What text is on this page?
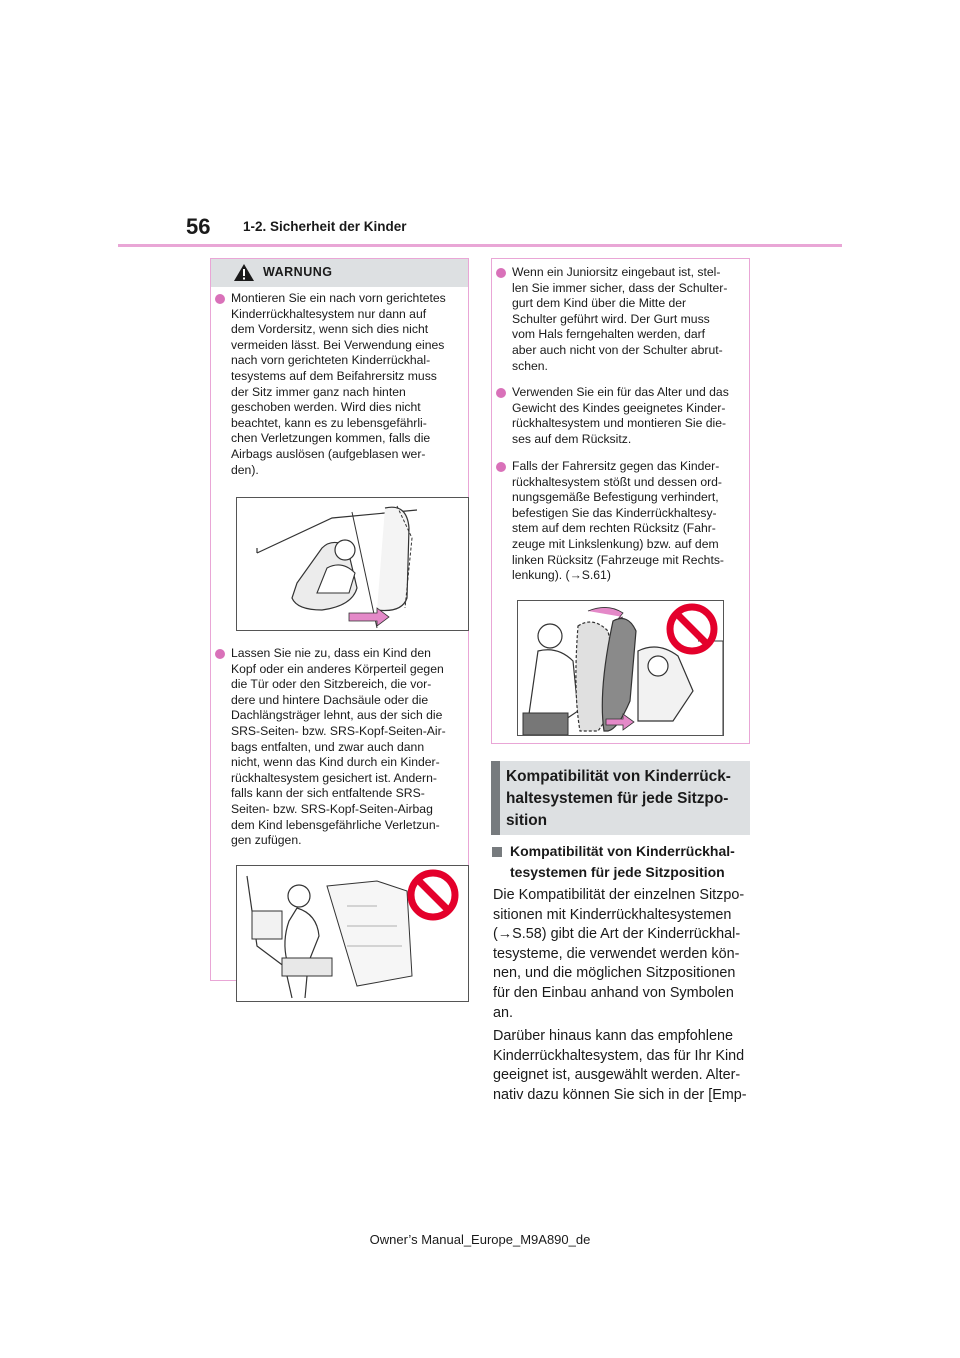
56 1-2. Sicherheit der Kinder
WARNUNG

Montieren Sie ein nach vorn gerichtetes

Kinderrückhaltesystem nur dann auf

dem Vordersitz, wenn sich dies nicht

vermeiden lässt. Bei Verwendung eines

nach vorn gerichteten Kinderrückhal-

tesystems auf dem Beifahrersitz muss

der Sitz immer ganz nach hinten

geschoben werden. Wird dies nicht

beachtet, kann es zu lebensgefährli-

chen Verletzungen kommen, falls die

Airbags auslösen (aufgeblasen wer-

den).

Lassen Sie nie zu, dass ein Kind den

Kopf oder ein anderes Körperteil gegen

die Tür oder den Sitzbereich, die vor-

dere und hintere Dachsäule oder die

Dachlängsträger lehnt, aus der sich die

SRS-Seiten- bzw. SRS-Kopf-Seiten-Air-

bags entfalten, und zwar auch dann

nicht, wenn das Kind durch ein Kinder-

rückhaltesystem gesichert ist. Andern-

falls kann der sich entfaltende SRS-

Seiten- bzw. SRS-Kopf-Seiten-Airbag

dem Kind lebensgefährliche Verletzun-

gen zufügen.

Wenn ein Juniorsitz eingebaut ist, stel-

len Sie immer sicher, dass der Schulter-

gurt dem Kind über die Mitte der

Schulter geführt wird. Der Gurt muss

vom Hals ferngehalten werden, darf

aber auch nicht von der Schulter abrut-

schen.

Verwenden Sie ein für das Alter und das

Gewicht des Kindes geeignetes Kinder-

rückhaltesystem und montieren Sie die-

ses auf dem Rücksitz.

Falls der Fahrersitz gegen das Kinder-

rückhaltesystem stößt und dessen ord-

nungsgemäße Befestigung verhindert,

befestigen Sie das Kinderrückhaltesy-

stem auf dem rechten Rücksitz (Fahr-

zeuge mit Linkslenkung) bzw. auf dem

linken Rücksitz (Fahrzeuge mit Rechts-

lenkung). (→S.61)

Kompatibilität von Kinderrück-

haltesystemen für jede Sitzpo-

sition

Kompatibilität von Kinderrückhal-

tesystemen für jede Sitzposition

Die Kompatibilität der einzelnen Sitzpo-

sitionen mit Kinderrückhaltesystemen

(→S.58) gibt die Art der Kinderrückhal-

tesysteme, die verwendet werden kön-

nen, und die möglichen Sitzpositionen

für den Einbau anhand von Symbolen

an.

Darüber hinaus kann das empfohlene

Kinderrückhaltesystem, das für Ihr Kind

geeignet ist, ausgewählt werden. Alter-

nativ dazu können Sie sich in der [Emp-

Owner’s Manual_Europe_M9A890_de
